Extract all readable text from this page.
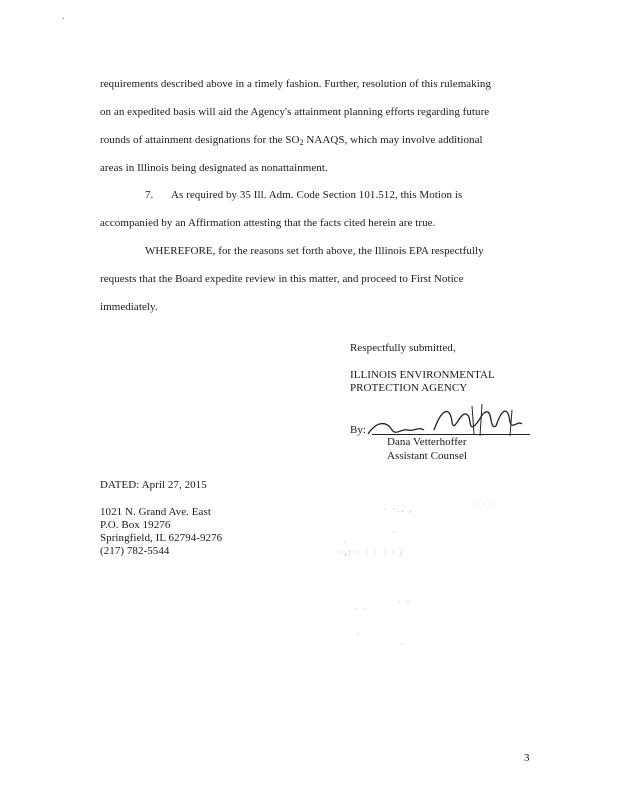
requirements described above in a timely fashion. Further, resolution of this rulemaking
on an expedited basis will aid the Agency's attainment planning efforts regarding future
rounds of attainment designations for the SO2 NAAQS, which may involve additional
areas in Illinois being designated as nonattainment.
7. As required by 35 Ill. Adm. Code Section 101.512, this Motion is
accompanied by an Affirmation attesting that the facts cited herein are true.
WHEREFORE, for the reasons set forth above, the Illinois EPA respectfully
requests that the Board expedite review in this matter, and proceed to First Notice
immediately.
Respectfully submitted,
ILLINOIS ENVIRONMENTAL
PROTECTION AGENCY
By:
Dana Vetterhoffer
Assistant Counsel
DATED: April 27, 2015
1021 N. Grand Ave. East
P.O. Box 19276
Springfield, IL 62794-9276
(217) 782-5544
· ·.. ,
· · ·
·
·
·,: · · · · · /
· ·
· ·
·
·
3
